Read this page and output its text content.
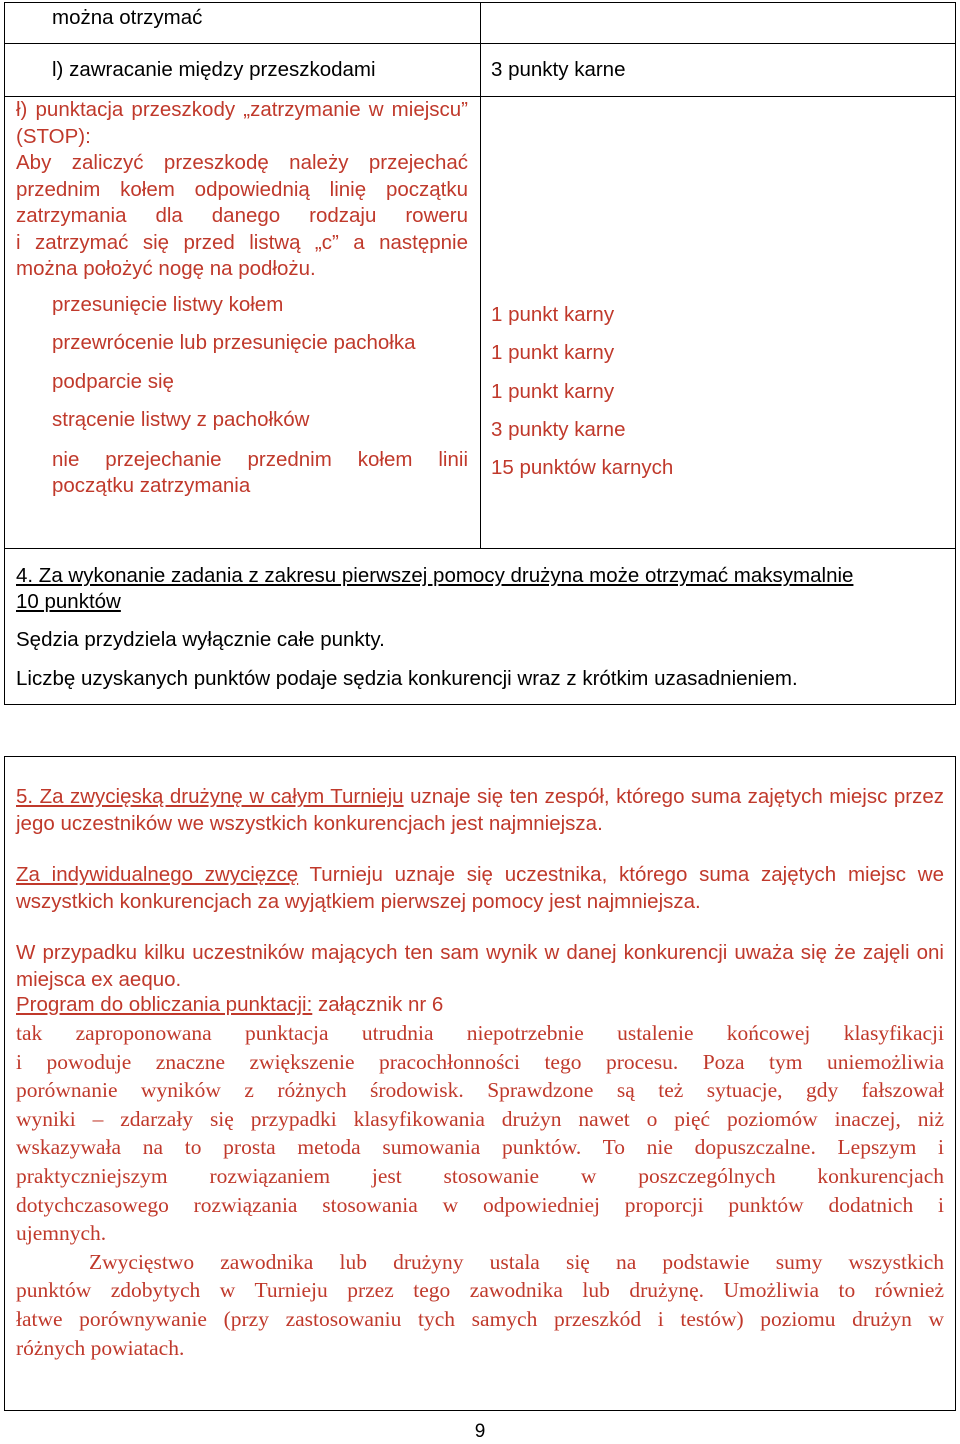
można otrzymać
l) zawracanie między przeszkodami	3 punkty karne

ł) punktacja przeszkody „zatrzymanie w miejscu” (STOP):

Aby zaliczyć przeszkodę należy przejechać

przednim kołem odpowiednią linię początku

zatrzymania dla danego rodzaju roweru

i zatrzymać się przed listwą „c” a następnie

można położyć nogę na podłożu.

przesunięcie listwy kołem
przewrócenie lub przesunięcie pachołka
podparcie się
strącenie listwy z pachołków
nie przejechanie przednim kołem linii początku zatrzymania
1 punkt karny
1 punkt karny
1 punkt karny
3 punkty karne
15 punktów karnych
4. Za wykonanie zadania z zakresu pierwszej pomocy drużyna może otrzymać maksymalnie
10 punktów
Sędzia przydziela wyłącznie całe punkty.
Liczbę uzyskanych punktów podaje sędzia konkurencji wraz z krótkim uzasadnieniem.

5. Za zwycięską drużynę w całym Turnieju uznaje się ten zespół, którego suma zajętych miejsc przez jego uczestników we wszystkich konkurencjach jest najmniejsza.

Za indywidualnego zwycięzcę Turnieju uznaje się uczestnika, którego suma zajętych miejsc we wszystkich konkurencjach za wyjątkiem pierwszej pomocy jest najmniejsza.

W przypadku kilku uczestników mających ten sam wynik w danej konkurencji uważa się że zajęli oni miejsca ex aequo.

Program do obliczania punktacji: załącznik nr 6

tak zaproponowana punktacja utrudnia niepotrzebnie ustalenie końcowej klasyfikacji

i powoduje znaczne zwiększenie pracochłonności tego procesu. Poza tym uniemożliwia

porównanie wyników z różnych środowisk. Sprawdzone są też sytuacje, gdy fałszował

wyniki – zdarzały się przypadki klasyfikowania drużyn nawet o pięć poziomów inaczej, niż

wskazywała na to prosta metoda sumowania punktów. To nie dopuszczalne. Lepszym i

praktyczniejszym rozwiązaniem jest stosowanie w poszczególnych konkurencjach

dotychczasowego rozwiązania stosowania w odpowiedniej proporcji punktów dodatnich i

ujemnych.

Zwycięstwo zawodnika lub drużyny ustala się na podstawie sumy wszystkich

punktów zdobytych w Turnieju przez tego zawodnika lub drużynę. Umożliwia to również

łatwe porównywanie (przy zastosowaniu tych samych przeszkód i testów) poziomu drużyn w

różnych powiatach.

9
